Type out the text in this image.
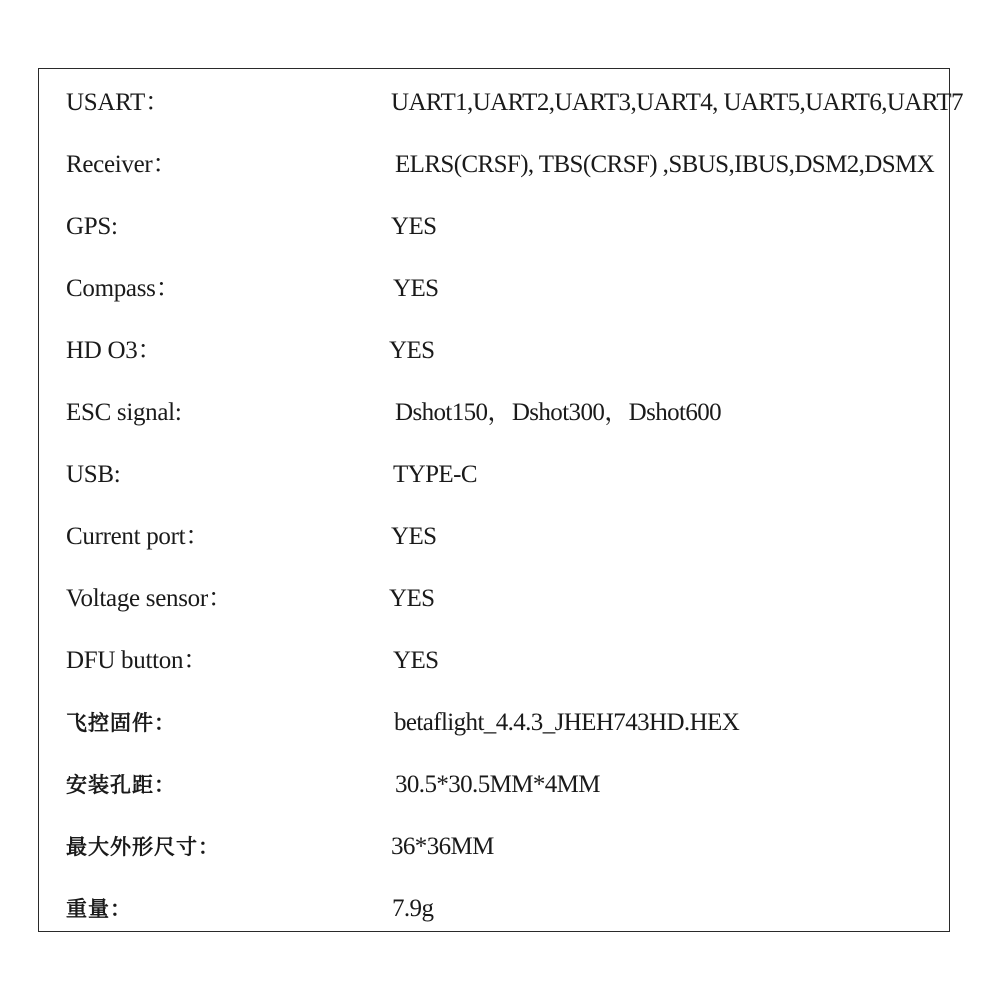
USART：	UART1,UART2,UART3,UART4, UART5,UART6,UART7
Receiver：	ELRS(CRSF), TBS(CRSF) ,SBUS,IBUS,DSM2,DSMX
GPS:	YES
Compass：	YES
HD O3：	YES
ESC signal:	Dshot150，Dshot300，Dshot600
USB:	TYPE-C
Current port：	YES
Voltage sensor：	YES
DFU button：	YES
飞控固件：	betaflight_4.4.3_JHEH743HD.HEX
安装孔距：	30.5*30.5MM*4MM
最大外形尺寸：	36*36MM
重量：	7.9g
